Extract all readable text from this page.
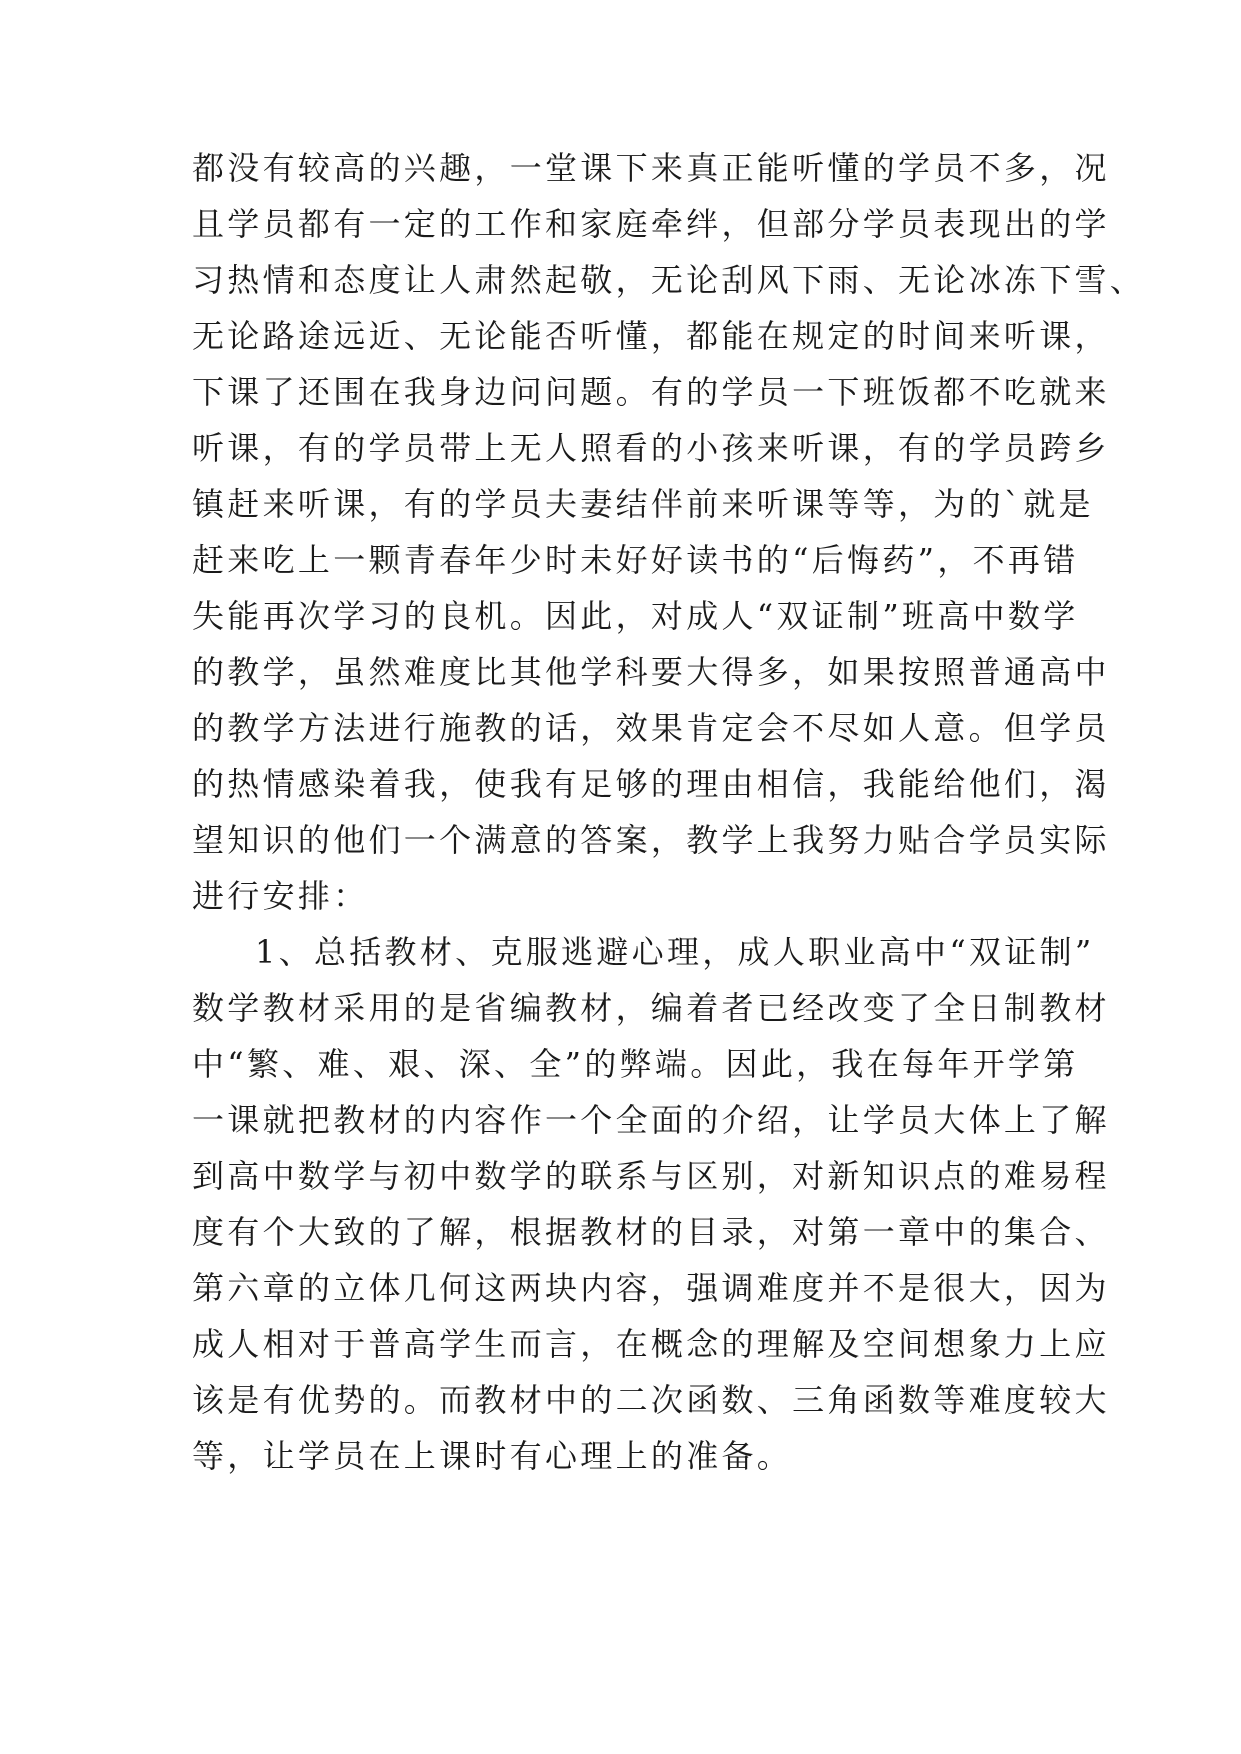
都没有较高的兴趣，一堂课下来真正能听懂的学员不多，况
且学员都有一定的工作和家庭牵绊，但部分学员表现出的学
习热情和态度让人肃然起敬，无论刮风下雨、无论冰冻下雪、
无论路途远近、无论能否听懂，都能在规定的时间来听课，
下课了还围在我身边问问题。有的学员一下班饭都不吃就来
听课，有的学员带上无人照看的小孩来听课，有的学员跨乡
镇赶来听课，有的学员夫妻结伴前来听课等等，为的`就是
赶来吃上一颗青春年少时未好好读书的“后悔药”，不再错
失能再次学习的良机。因此，对成人“双证制”班高中数学
的教学，虽然难度比其他学科要大得多，如果按照普通高中
的教学方法进行施教的话，效果肯定会不尽如人意。但学员
的热情感染着我，使我有足够的理由相信，我能给他们，渴
望知识的他们一个满意的答案，教学上我努力贴合学员实际
进行安排：
1、总括教材、克服逃避心理，成人职业高中“双证制”
数学教材采用的是省编教材，编着者已经改变了全日制教材
中“繁、难、艰、深、全”的弊端。因此，我在每年开学第
一课就把教材的内容作一个全面的介绍，让学员大体上了解
到高中数学与初中数学的联系与区别，对新知识点的难易程
度有个大致的了解，根据教材的目录，对第一章中的集合、
第六章的立体几何这两块内容，强调难度并不是很大，因为
成人相对于普高学生而言，在概念的理解及空间想象力上应
该是有优势的。而教材中的二次函数、三角函数等难度较大
等，让学员在上课时有心理上的准备。
